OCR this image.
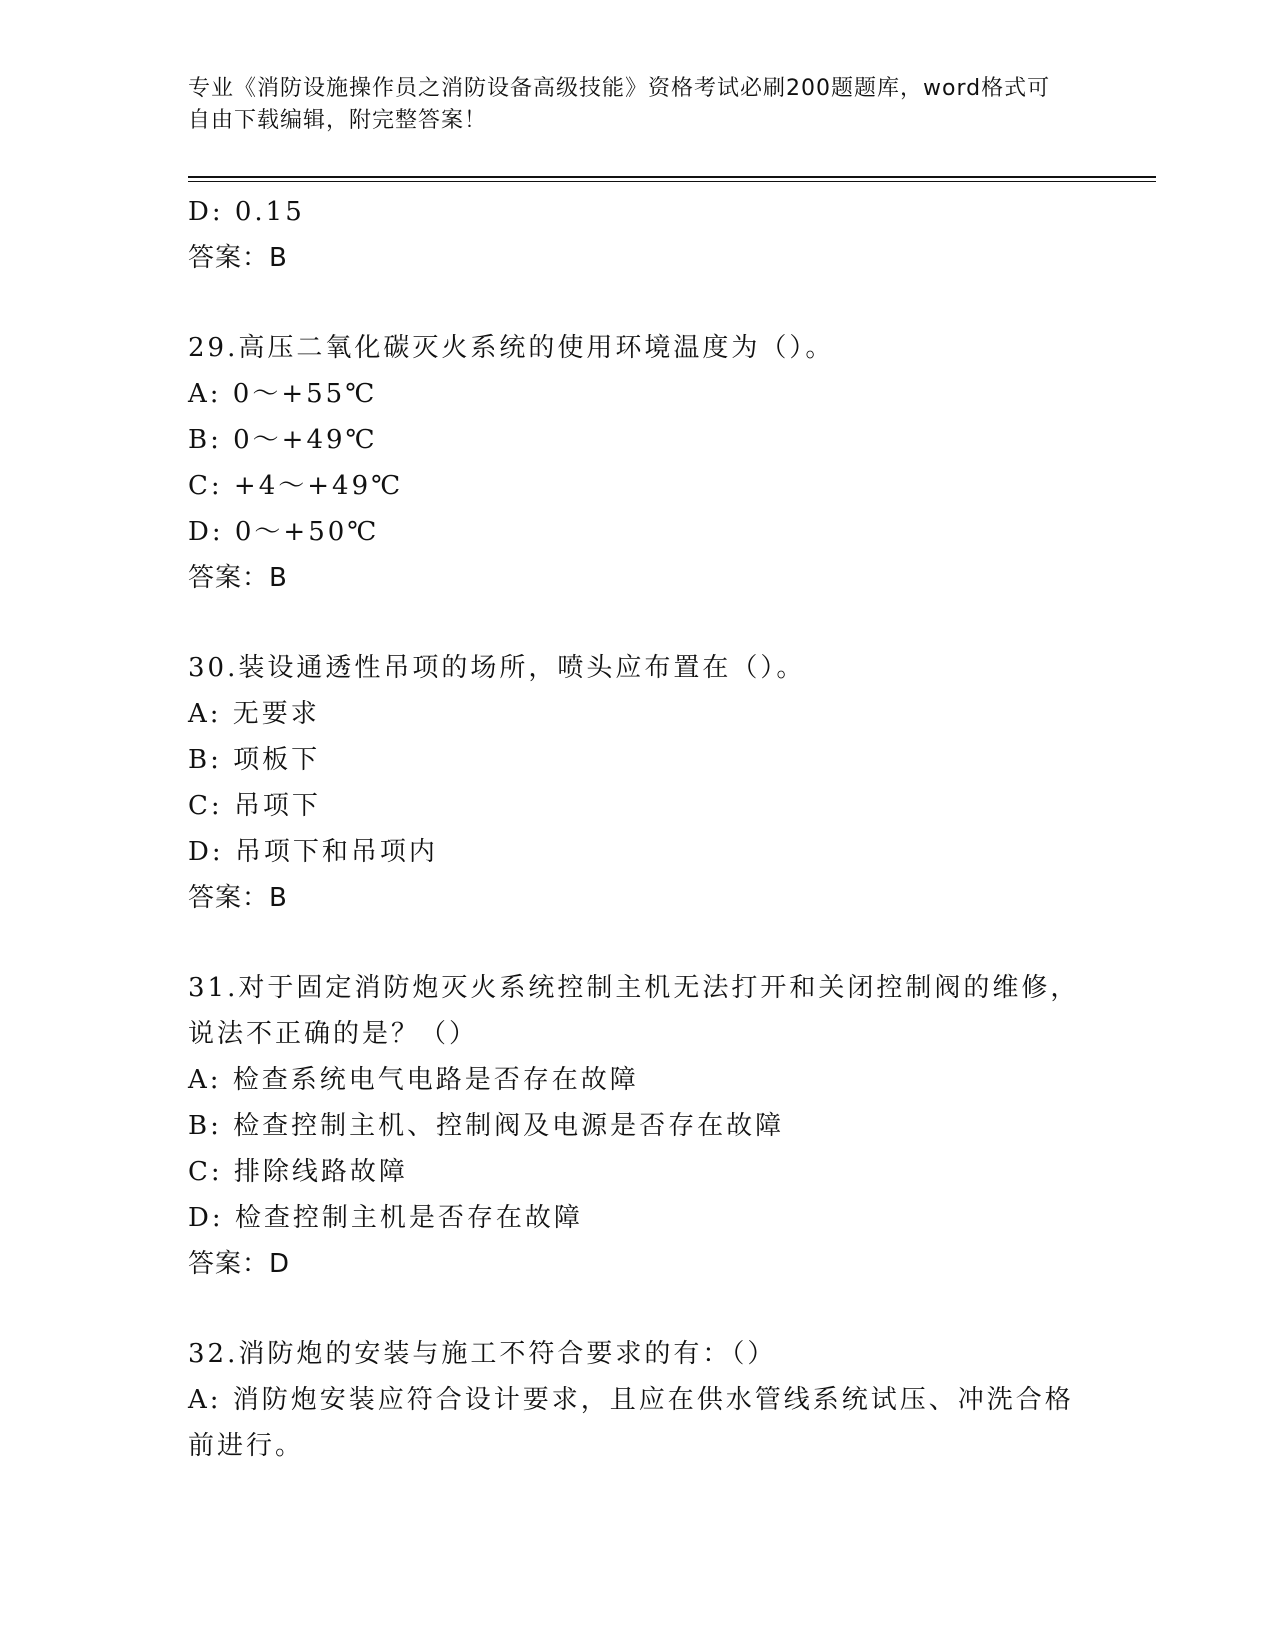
专业《消防设施操作员之消防设备高级技能》资格考试必刷200题题库，word格式可自由下载编辑，附完整答案！
D: 0.15
答案：B
29.高压二氧化碳灭火系统的使用环境温度为（）。
A: 0～+55℃
B: 0～+49℃
C: +4～+49℃
D: 0～+50℃
答案：B
30.装设通透性吊项的场所，喷头应布置在（）。
A: 无要求
B: 项板下
C: 吊项下
D: 吊项下和吊项内
答案：B
31.对于固定消防炮灭火系统控制主机无法打开和关闭控制阀的维修，说法不正确的是？（）
A: 检查系统电气电路是否存在故障
B: 检查控制主机、控制阀及电源是否存在故障
C: 排除线路故障
D: 检查控制主机是否存在故障
答案：D
32.消防炮的安装与施工不符合要求的有：（）
A: 消防炮安装应符合设计要求，且应在供水管线系统试压、冲洗合格前进行。
